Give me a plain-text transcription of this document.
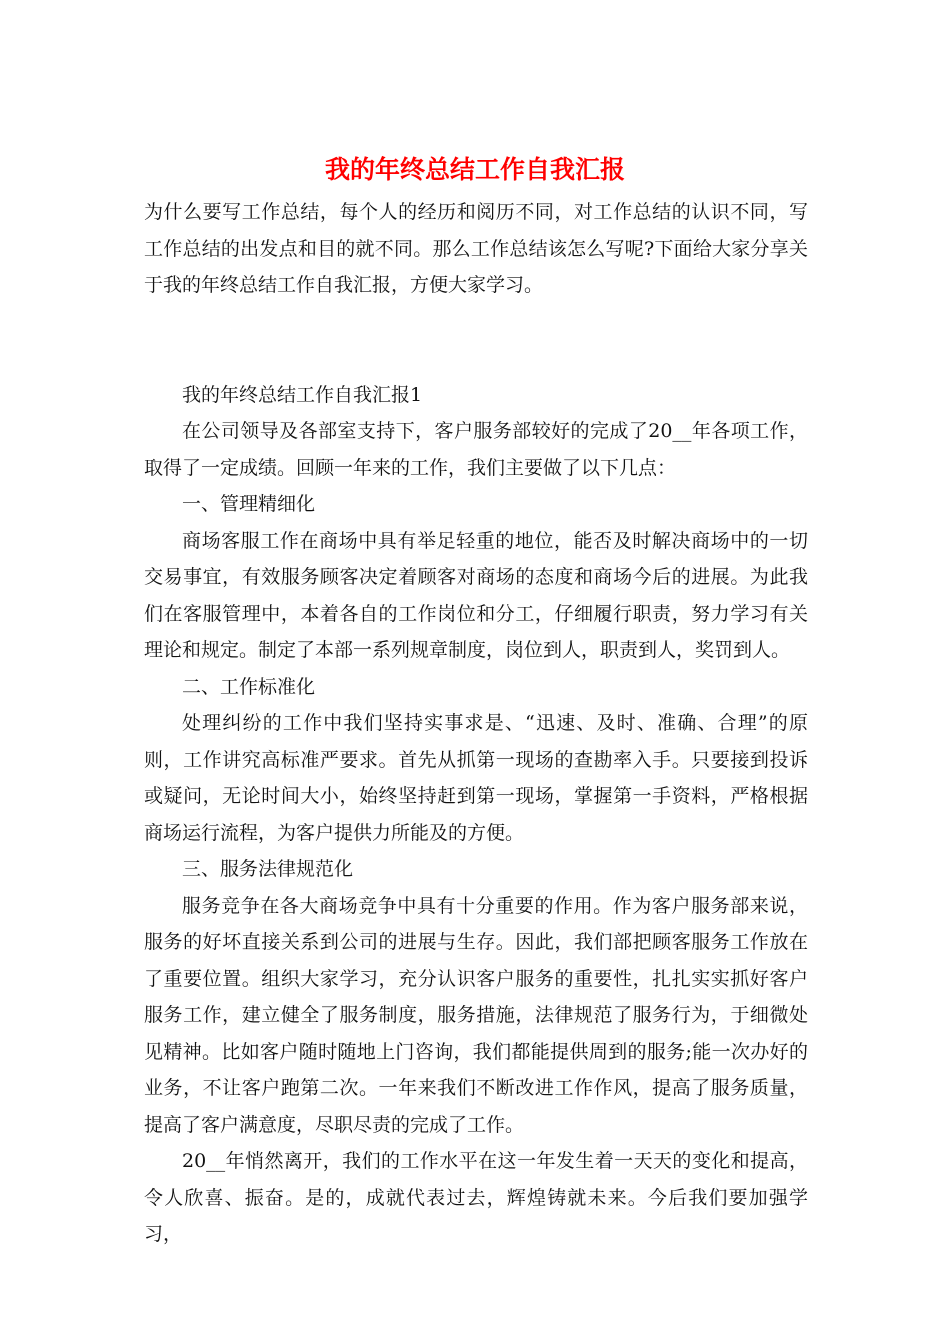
我的年终总结工作自我汇报

为什么要写工作总结，每个人的经历和阅历不同，对工作总结的认识不同，写工作总结的出发点和目的就不同。那么工作总结该怎么写呢?下面给大家分享关于我的年终总结工作自我汇报，方便大家学习。

我的年终总结工作自我汇报1

在公司领导及各部室支持下，客户服务部较好的完成了20__年各项工作，取得了一定成绩。回顾一年来的工作，我们主要做了以下几点：

一、管理精细化

商场客服工作在商场中具有举足轻重的地位，能否及时解决商场中的一切交易事宜，有效服务顾客决定着顾客对商场的态度和商场今后的进展。为此我们在客服管理中，本着各自的工作岗位和分工，仔细履行职责，努力学习有关理论和规定。制定了本部一系列规章制度，岗位到人，职责到人，奖罚到人。

二、工作标准化

处理纠纷的工作中我们坚持实事求是、“迅速、及时、准确、合理”的原则，工作讲究高标准严要求。首先从抓第一现场的查勘率入手。只要接到投诉或疑问，无论时间大小，始终坚持赶到第一现场，掌握第一手资料，严格根据商场运行流程，为客户提供力所能及的方便。

三、服务法律规范化

服务竞争在各大商场竞争中具有十分重要的作用。作为客户服务部来说，服务的好坏直接关系到公司的进展与生存。因此，我们部把顾客服务工作放在了重要位置。组织大家学习，充分认识客户服务的重要性，扎扎实实抓好客户服务工作，建立健全了服务制度，服务措施，法律规范了服务行为，于细微处见精神。比如客户随时随地上门咨询，我们都能提供周到的服务;能一次办好的业务，不让客户跑第二次。一年来我们不断改进工作作风，提高了服务质量，提高了客户满意度，尽职尽责的完成了工作。

20__年悄然离开，我们的工作水平在这一年发生着一天天的变化和提高，令人欣喜、振奋。是的，成就代表过去，辉煌铸就未来。今后我们要加强学习，
